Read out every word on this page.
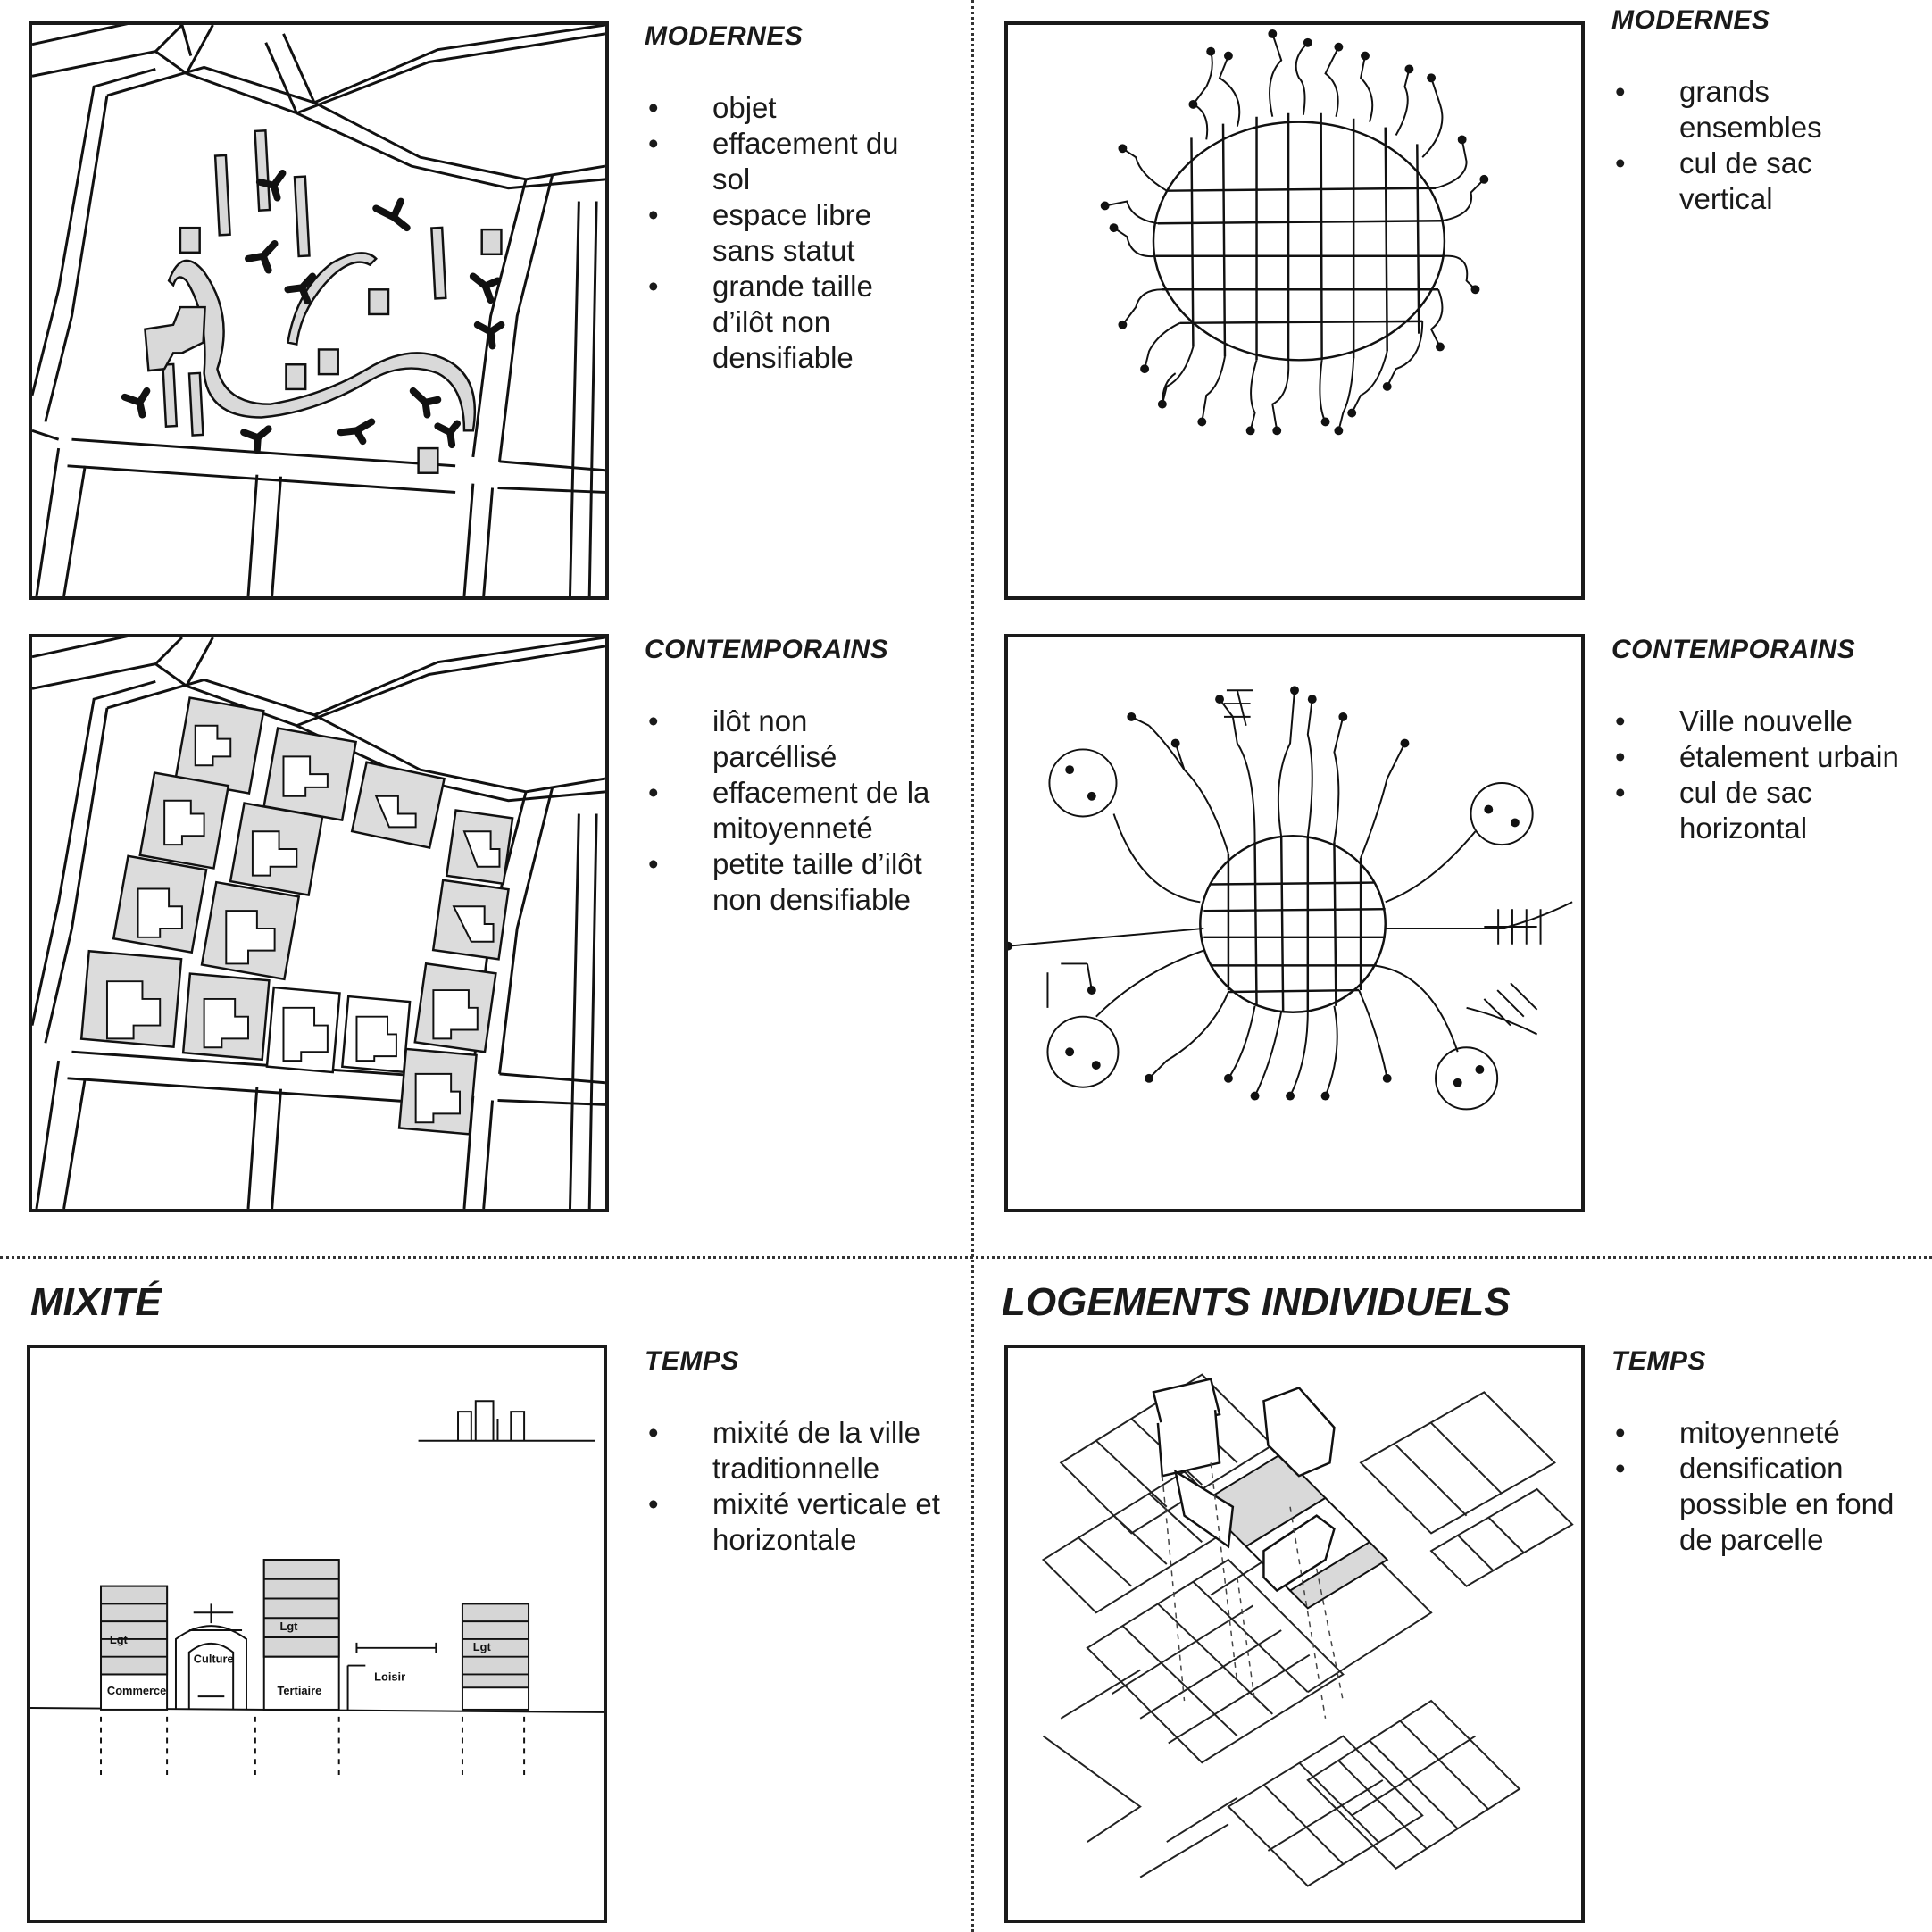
MODERNES
• objet
• effacement du sol
• espace libre sans statut
• grande taille d’ilôt non densifiable
MODERNES
• grands ensembles
• cul de sac vertical
CONTEMPORAINS
• ilôt non parcéllisé
• effacement de la mitoyenneté
• petite taille d’ilôt non densifiable
CONTEMPORAINS
• Ville nouvelle
• étalement urbain
• cul de sac horizontal
MIXITÉ	LOGEMENTS INDIVIDUELS
Lgt
Commerce
Culture
Lgt
Tertiaire
Loisir
Lgt
TEMPS
• mixité de la ville traditionnelle
• mixité verticale et horizontale
TEMPS
• mitoyenneté
• densification possible en fond de parcelle
